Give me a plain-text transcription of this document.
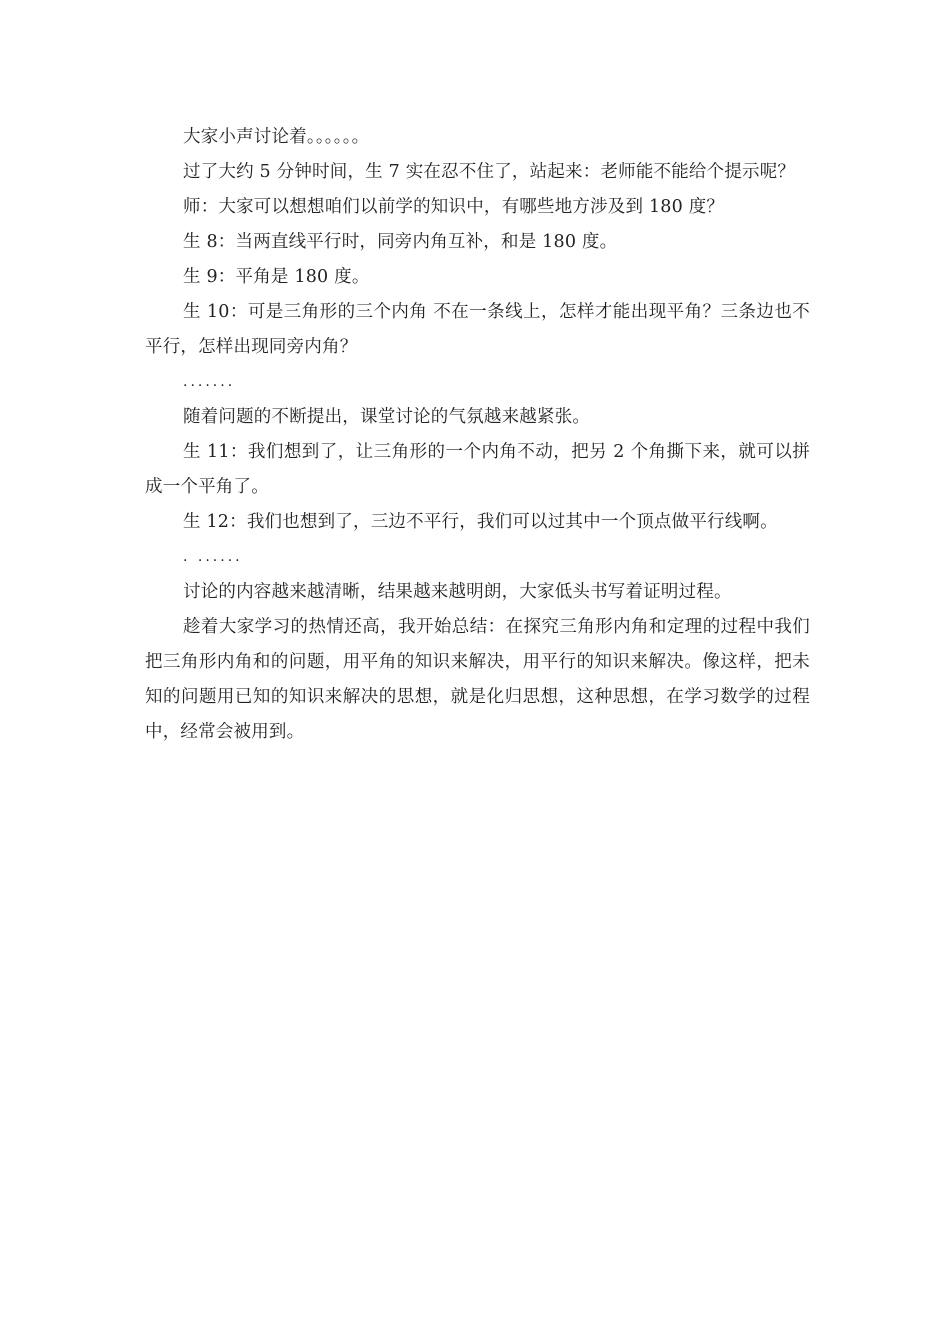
大家小声讨论着。。。。。。

过了大约 5 分钟时间，生 7 实在忍不住了，站起来：老师能不能给个提示呢？

师：大家可以想想咱们以前学的知识中，有哪些地方涉及到 180 度？

生 8：当两直线平行时，同旁内角互补，和是 180 度。

生 9：平角是 180 度。

生 10：可是三角形的三个内角 不在一条线上，怎样才能出现平角？三条边也不平行，怎样出现同旁内角？

.......

随着问题的不断提出，课堂讨论的气氛越来越紧张。

生 11：我们想到了，让三角形的一个内角不动，把另 2 个角撕下来，就可以拼成一个平角了。

生 12：我们也想到了，三边不平行，我们可以过其中一个顶点做平行线啊。

. ......

讨论的内容越来越清晰，结果越来越明朗，大家低头书写着证明过程。

趁着大家学习的热情还高，我开始总结：在探究三角形内角和定理的过程中我们把三角形内角和的问题，用平角的知识来解决，用平行的知识来解决。像这样，把未知的问题用已知的知识来解决的思想，就是化归思想，这种思想，在学习数学的过程中，经常会被用到。
